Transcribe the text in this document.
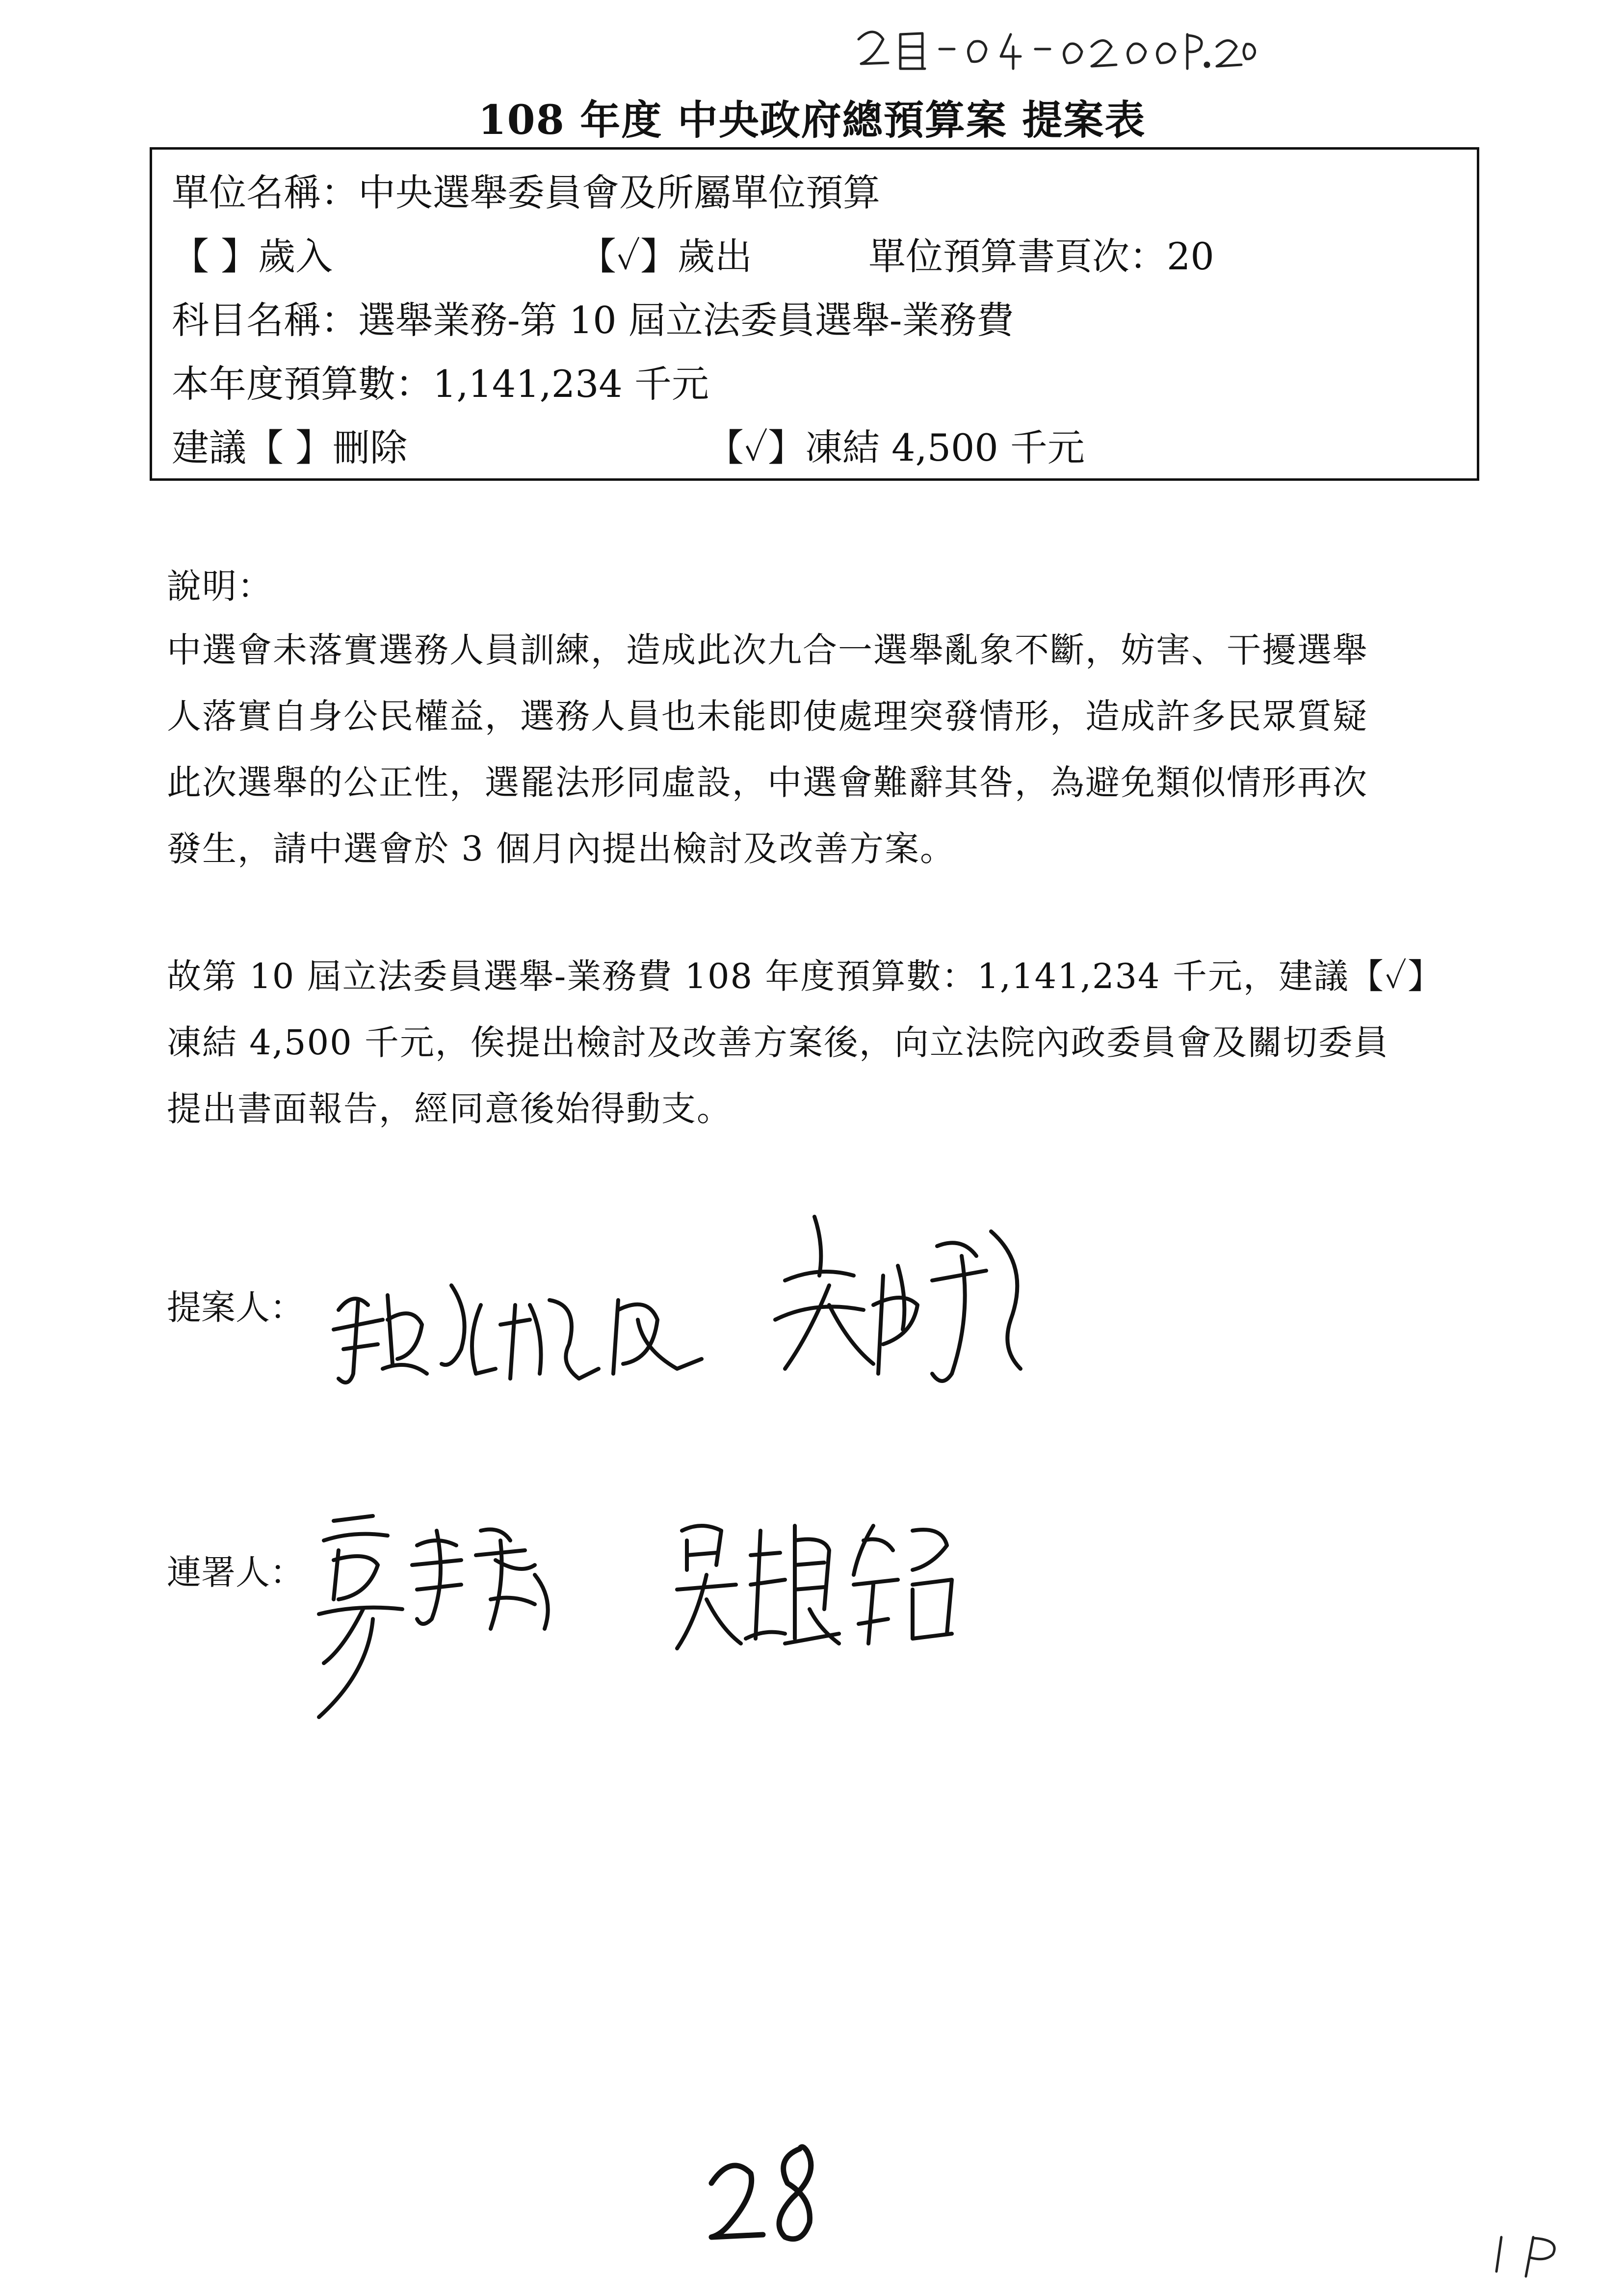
108 年度 中央政府總預算案 提案表
單位名稱：中央選舉委員會及所屬單位預算
【 】歲入	【✓】歲出	單位預算書頁次：20
科目名稱：選舉業務-第 10 屆立法委員選舉-業務費
本年度預算數：1,141,234 千元
建議【 】刪除	【✓】凍結 4,500 千元
說明：
中選會未落實選務人員訓練，造成此次九合一選舉亂象不斷，妨害、干擾選舉
人落實自身公民權益，選務人員也未能即使處理突發情形，造成許多民眾質疑
此次選舉的公正性，選罷法形同虛設，中選會難辭其咎，為避免類似情形再次
發生，請中選會於 3 個月內提出檢討及改善方案。
故第 10 屆立法委員選舉-業務費 108 年度預算數：1,141,234 千元，建議【✓】
凍結 4,500 千元，俟提出檢討及改善方案後，向立法院內政委員會及關切委員
提出書面報告，經同意後始得動支。
提案人：
連署人：
